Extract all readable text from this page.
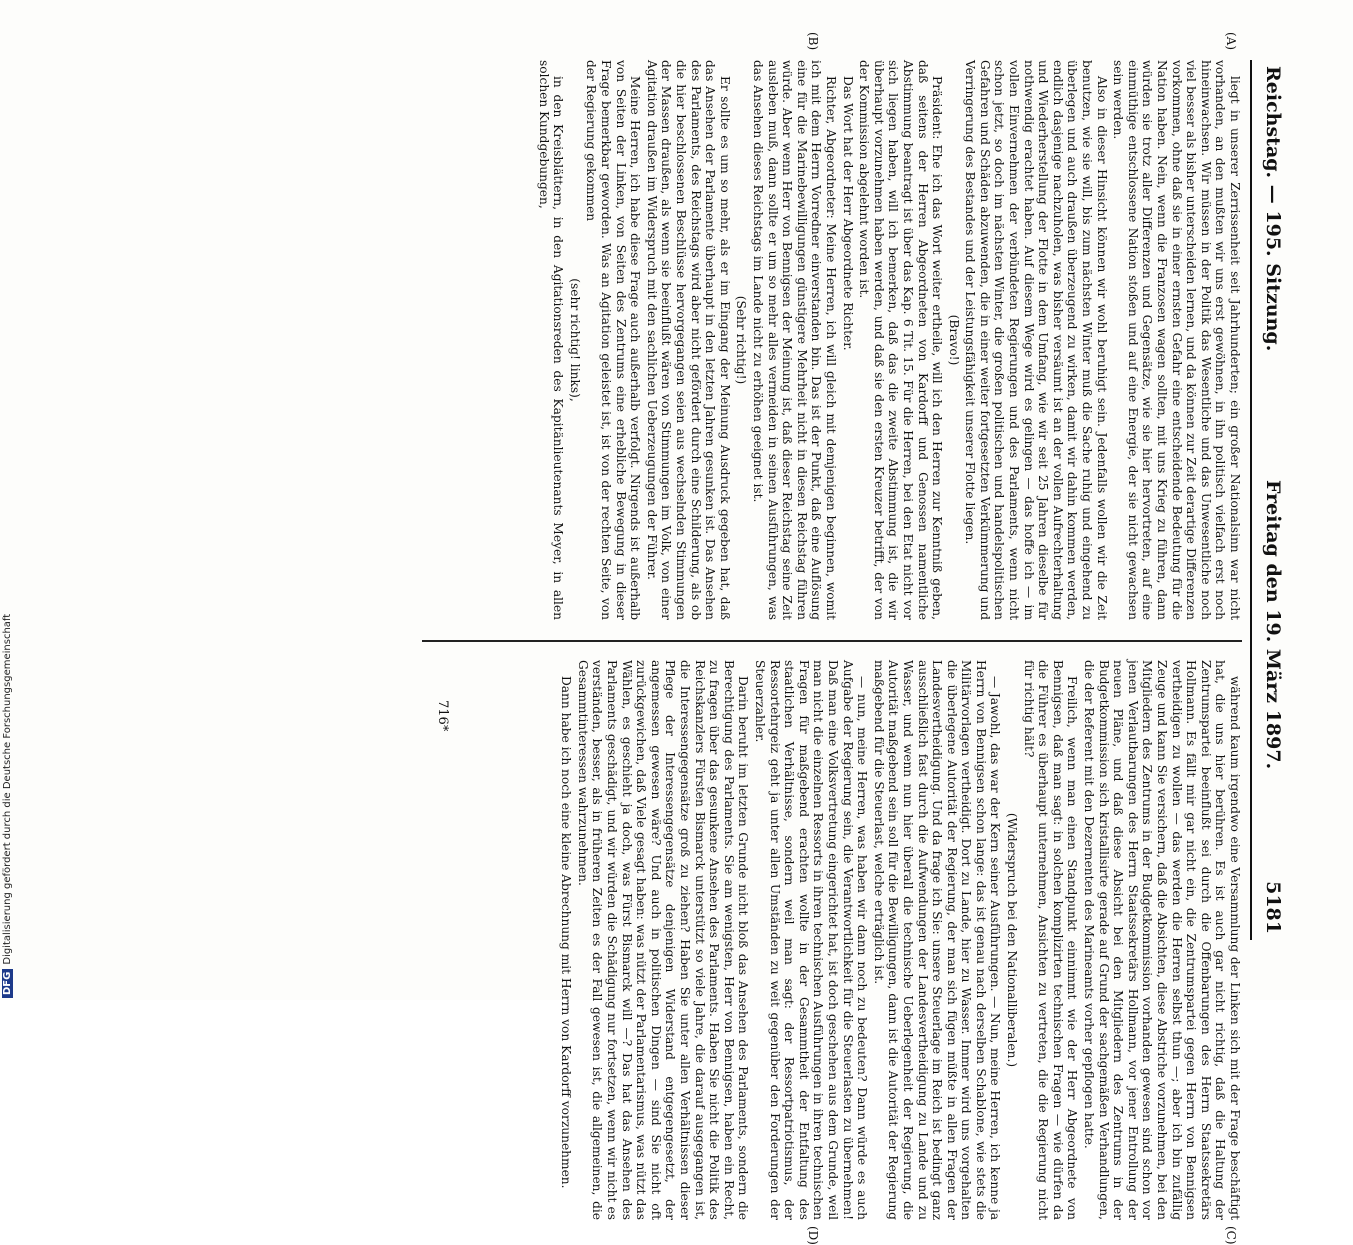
Reichstag. — 195. Sitzung.
Freitag den 19. März 1897.
5181
(A)
(B)
(C)
(D)

liegt in unserer Zerrissenheit seit Jahrhunderten; ein großer Nationalsinn war nicht vorhanden, an den mußten wir uns erst gewöhnen, in ihn politisch vielfach erst noch hineinwachsen. Wir müssen in der Politik das Wesentliche und das Unwesentliche noch viel besser als bisher unterscheiden lernen, und da können zur Zeit derartige Differenzen vorkommen, ohne daß sie in einer ernsten Gefahr eine entscheidende Bedeutung für die Nation haben. Nein, wenn die Franzosen wagen sollten, mit uns Krieg zu führen, dann würden sie trotz aller Differenzen und Gegensätze, wie sie hier hervortreten, auf eine einmüthige entschlossene Nation stoßen und auf eine Energie, der sie nicht gewachsen sein werden.

Also in dieser Hinsicht können wir wohl beruhigt sein. Jedenfalls wollen wir die Zeit benutzen, wie sie will, bis zum nächsten Winter muß die Sache ruhig und eingehend zu überlegen und auch draußen überzeugend zu wirken, damit wir dahin kommen werden, endlich dasjenige nachzuholen, was bisher versäumt ist an der vollen Aufrechterhaltung und Wiederherstellung der Flotte in dem Umfang, wie wir seit 25 Jahren dieselbe für nothwendig erachtet haben. Auf diesem Wege wird es gelingen — das hoffe ich — im vollen Einvernehmen der verbündeten Regierungen und des Parlaments, wenn nicht schon jetzt, so doch im nächsten Winter, die großen politischen und handelspolitischen Gefahren und Schäden abzuwenden, die in einer weiter fortgesetzten Verkümmerung und Verringerung des Bestandes und der Leistungsfähigkeit unserer Flotte liegen.

(Bravo!)

Präsident: Ehe ich das Wort weiter ertheile, will ich den Herren zur Kenntniß geben, daß seitens der Herren Abgeordneten von Kardorff und Genossen namentliche Abstimmung beantragt ist über das Kap. 6 Tit. 15. Für die Herren, bei den Etat nicht vor sich liegen haben, will ich bemerken, daß das die zweite Abstimmung ist, die wir überhaupt vorzunehmen haben werden, und daß sie den ersten Kreuzer betrifft, der von der Kommission abgelehnt worden ist.

Das Wort hat der Herr Abgeordnete Richter.

Richter, Abgeordneter: Meine Herren, ich will gleich mit demjenigen beginnen, womit ich mit dem Herrn Vorredner einverstanden bin. Das ist der Punkt, daß eine Auflösung eine für die Marinebewilligungen günstigere Mehrheit nicht in diesen Reichstag führen würde. Aber wenn Herr von Bennigsen der Meinung ist, daß dieser Reichstag seine Zeit ausleben muß, dann sollte er um so mehr alles vermeiden in seinen Ausführungen, was das Ansehen dieses Reichstags im Lande nicht zu erhöhen geeignet ist.

(Sehr richtig!)

Er sollte es um so mehr, als er im Eingang der Meinung Ausdruck gegeben hat, daß das Ansehen der Parlamente überhaupt in den letzten Jahren gesunken ist. Das Ansehen des Parlaments, des Reichstags wird aber nicht gefördert durch eine Schilderung, als ob die hier beschlossenen Beschlüsse hervorgegangen seien aus wechselnden Stimmungen der Massen draußen, als wenn sie beeinflußt wären von Stimmungen im Volk, von einer Agitation draußen im Widerspruch mit den sachlichen Ueberzeugungen der Führer.

Meine Herren, ich habe diese Frage auch außerhalb verfolgt. Nirgends ist außerhalb von Seiten der Linken, von Seiten des Zentrums eine erhebliche Bewegung in dieser Frage bemerkbar geworden. Was an Agitation geleistet ist, ist von der rechten Seite, von der Regierung gekommen

(sehr richtig! links),

in den Kreisblättern, in den Agitationsreden des Kapitänlieutenants Meyer, in allen solchen Kundgebungen,

während kaum irgendwo eine Versammlung der Linken sich mit der Frage beschäftigt hat, die uns hier berühren. Es ist auch gar nicht richtig, daß die Haltung der Zentrumspartei beeinflußt sei durch die Offenbarungen des Herrn Staatssekretärs Hollmann. Es fällt mir gar nicht ein, die Zentrumspartei gegen Herrn von Bennigsen vertheidigen zu wollen — das werden die Herren selbst thun —; aber ich bin zufällig Zeuge und kann Sie versichern, daß die Absichten, diese Abstriche vorzunehmen, bei den Mitgliedern des Zentrums in der Budgetkommission vorhanden gewesen sind schon vor jenen Verlautbarungen des Herrn Staatssekretärs Hollmann, vor jener Entrollung der neuen Pläne, und daß diese Absicht bei den Mitgliedern des Zentrums in der Budgetkommission sich kristallisirte gerade auf Grund der sachgemäßen Verhandlungen, die der Referent mit den Dezernenten des Marineamts vorher gepflogen hatte.

Freilich, wenn man einen Standpunkt einnimmt wie der Herr Abgeordnete von Bennigsen, daß man sagt: in solchen komplizirten technischen Fragen — wie dürfen da die Führer es überhaupt unternehmen, Ansichten zu vertreten, die die Regierung nicht für richtig hält?

(Widerspruch bei den Nationalliberalen.)

— Jawohl, das war der Kern seiner Ausführungen. — Nun, meine Herren, ich kenne ja Herrn von Bennigsen schon lange: das ist genau nach derselben Schablone, wie stets die Militärvorlagen vertheidigt. Dort zu Lande, hier zu Wasser. Immer wird uns vorgehalten die überlegene Autorität der Regierung, der man sich fügen müßte in allen Fragen der Landesvertheidigung. Und da frage ich Sie: unsere Steuerlage im Reich ist bedingt ganz ausschließlich fast durch die Aufwendungen der Landesvertheidigung zu Lande und zu Wasser, und wenn nun hier überall die technische Ueberlegenheit der Regierung, die Autorität maßgebend sein soll für die Bewilligungen, dann ist die Autorität der Regierung maßgebend für die Steuerlast, welche erträglich ist.

— nun, meine Herren, was haben wir dann noch zu bedeuten? Dann würde es auch Aufgabe der Regierung sein, die Verantwortlichkeit für die Steuerlasten zu übernehmen! Daß man eine Volksvertretung eingerichtet hat, ist doch geschehen aus dem Grunde, weil man nicht die einzelnen Ressorts in ihren technischen Ausführungen in ihren technischen Fragen für maßgebend erachten wollte in der Gesammtheit der Entfaltung des staatlichen Verhältnisse, sondern weil man sagt: der Ressortpatriotismus, der Ressortehrgeiz geht ja unter allen Umständen zu weit gegenüber den Forderungen der Steuerzahler.

Darin beruht im letzten Grunde nicht bloß das Ansehen des Parlaments, sondern die Berechtigung des Parlaments. Sie am wenigsten, Herr von Bennigsen, haben ein Recht, zu fragen über das gesunkene Ansehen des Parlaments. Haben Sie nicht die Politik des Reichskanzlers Fürsten Bismarck unterstützt so viele Jahre, die darauf ausgegangen ist, die Interessengegensätze groß zu ziehen? Haben Sie unter allen Verhältnissen dieser Pflege der Interessengegensätze denjenigen Widerstand entgegengesetzt, der angemessen gewesen wäre? Und auch in politischen Dingen — sind Sie nicht oft zurückgewichen, daß Viele gesagt haben: was nützt der Parlamentarismus, was nützt das Wählen, es geschieht ja doch, was Fürst Bismarck will —? Das hat das Ansehen des Parlaments geschädigt, und wir würden die Schädigung nur fortsetzen, wenn wir nicht es verständen, besser, als in früheren Zeiten es der Fall gewesen ist, die allgemeinen, die Gesammtinteressen wahrzunehmen.

Dann habe ich noch eine kleine Abrechnung mit Herrn von Kardorff vorzunehmen.

716*
DFGDigitalisierung gefördert durch die Deutsche Forschungsgemeinschaft
